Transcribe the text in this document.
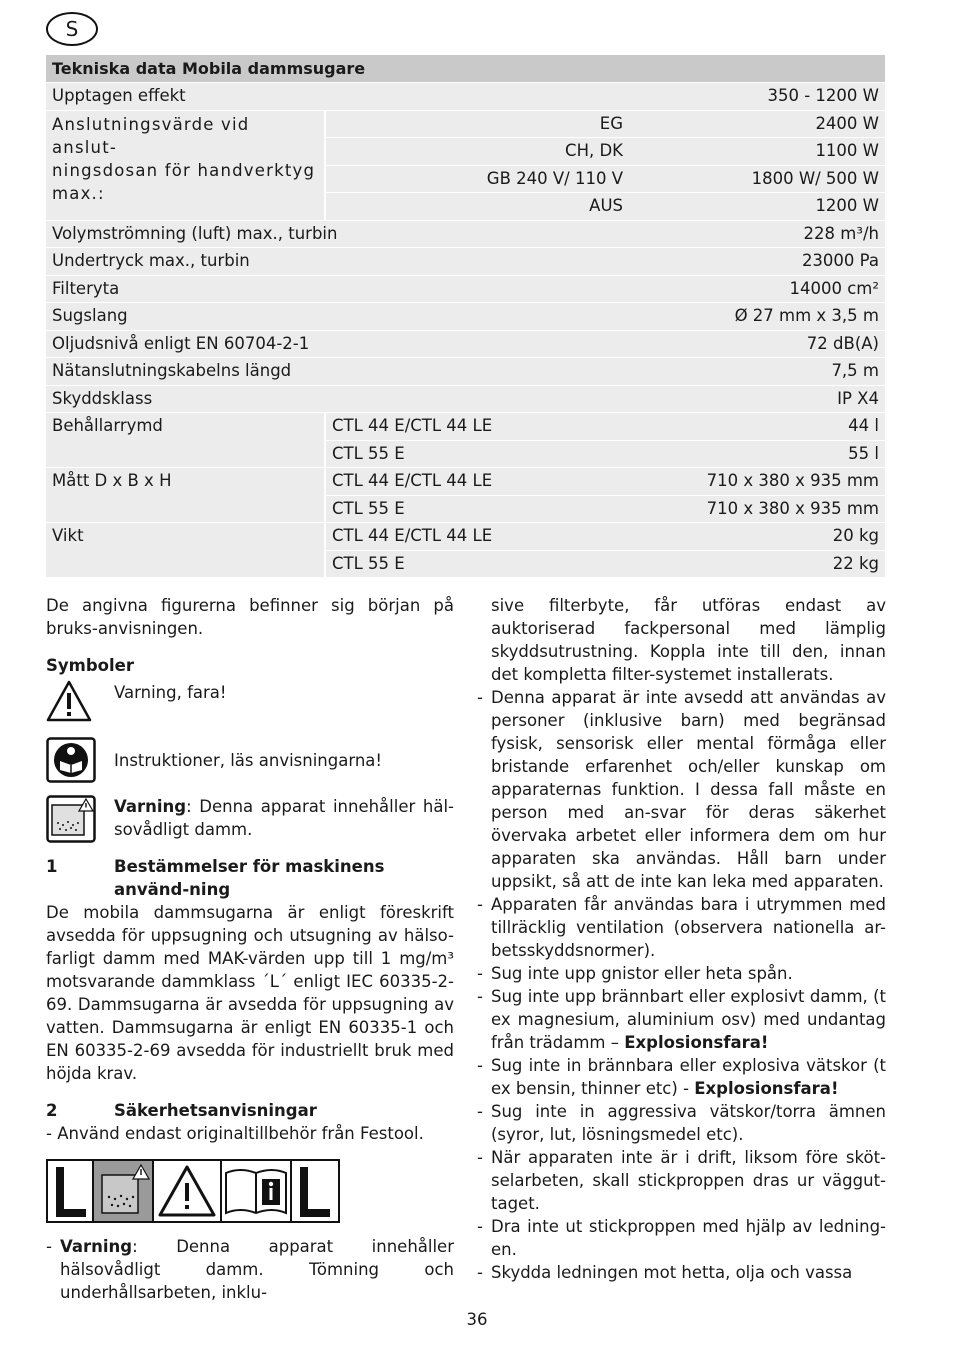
S
Tekniska data Mobila dammsugare
Upptagen effekt	350 - 1200 W
Anslutningsvärde vid anslut-
ningsdosan för handverktyg
max.:
EG	2400 W
CH, DK	1100 W
GB 240 V/ 110 V	1800 W/ 500 W
AUS	1200 W
Volymströmning (luft) max., turbin	228 m³/h
Undertryck max., turbin	23000 Pa
Filteryta	14000 cm²
Sugslang	Ø 27 mm x 3,5 m
Oljudsnivå enligt EN 60704-2-1	72 dB(A)
Nätanslutningskabelns längd	7,5 m
Skyddsklass	IP X4
Behållarrymd	CTL 44 E/CTL 44 LE	44 l
CTL 55 E	55 l
Mått D x B x H	CTL 44 E/CTL 44 LE	710 x 380 x 935 mm
CTL 55 E	710 x 380 x 935 mm
Vikt	CTL 44 E/CTL 44 LE	20 kg
CTL 55 E	22 kg

De angivna figurerna befinner sig början på bruks-anvisningen.

Symboler

Varning, fara!
Instruktioner, läs anvisningarna!
Varning: Denna apparat innehåller häl-sovådligt damm.
1	Bestämmelser för maskinens använd-ning

De mobila dammsugarna är enligt föreskrift avsedda för uppsugning och utsugning av hälso-farligt damm med MAK-värden upp till 1 mg/m³ motsvarande dammklass ´L´ enligt IEC 60335-2-69. Dammsugarna är avsedda för uppsugning av vatten. Dammsugarna är enligt EN 60335-1 och EN 60335-2-69 avsedda för industriellt bruk med höjda krav.

2	Säkerhetsanvisningar

- Använd endast originaltillbehör från Festool.

- Varning: Denna apparat innehåller hälsovådligt damm. Tömning och underhållsarbeten, inklu-

sive filterbyte, får utföras endast av auktoriserad fackpersonal med lämplig skyddsutrustning. Koppla inte till den, innan det kompletta filter-systemet installerats.

- Denna apparat är inte avsedd att användas av personer (inklusive barn) med begränsad fysisk, sensorisk eller mental förmåga eller bristande erfarenhet och/eller kunskap om apparaternas funktion. I dessa fall måste en person med an-svar för deras säkerhet övervaka arbetet eller informera dem om hur apparaten ska användas. Håll barn under uppsikt, så att de inte kan leka med apparaten.
- Apparaten får användas bara i utrymmen med tillräcklig ventilation (observera nationella ar-betsskyddsnormer).
- Sug inte upp gnistor eller heta spån.
- Sug inte upp brännbart eller explosivt damm, (t ex magnesium, aluminium osv) med undantag från trädamm – Explosionsfara!
- Sug inte in brännbara eller explosiva vätskor (t ex bensin, thinner etc) - Explosionsfara!
- Sug inte in aggressiva vätskor/torra ämnen (syror, lut, lösningsmedel etc).
- När apparaten inte är i drift, liksom före sköt-selarbeten, skall stickproppen dras ur väggut-taget.
- Dra inte ut stickproppen med hjälp av ledning-en.
- Skydda ledningen mot hetta, olja och vassa
36
